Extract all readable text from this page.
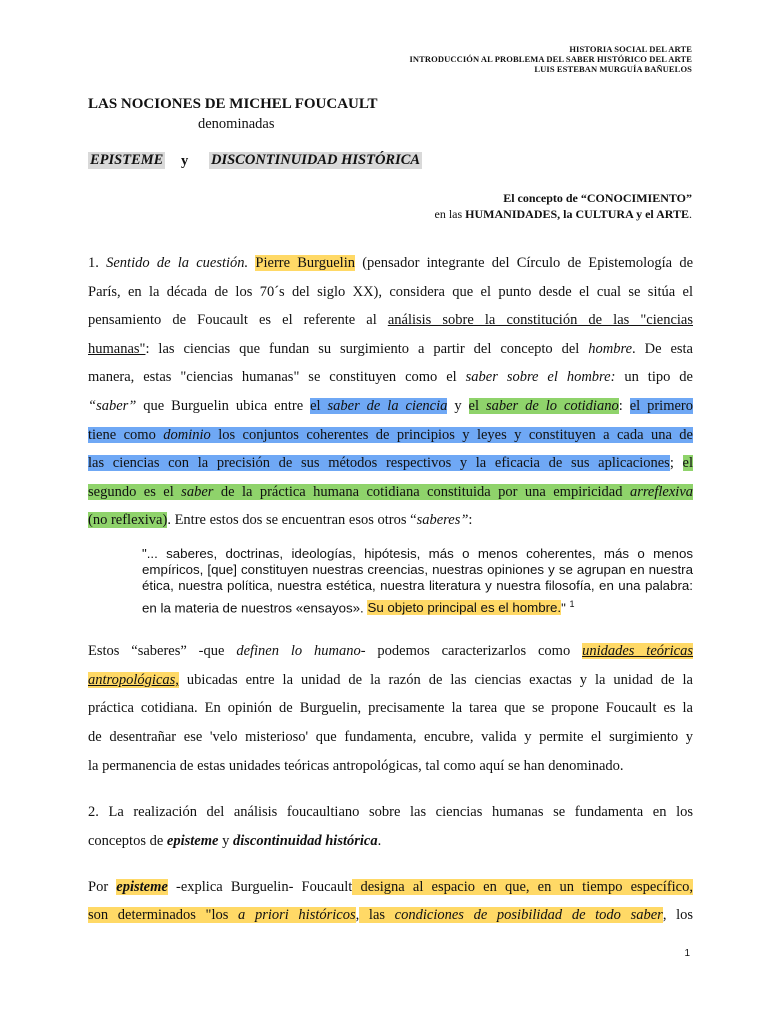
HISTORIA SOCIAL DEL ARTE
INTRODUCCIÓN AL PROBLEMA DEL SABER HISTÓRICO DEL ARTE
LUIS ESTEBAN MURGUÍA BAÑUELOS
LAS NOCIONES DE MICHEL FOUCAULT
denominadas
EPISTEME y DISCONTINUIDAD HISTÓRICA
El concepto de “CONOCIMIENTO”
en las HUMANIDADES, la CULTURA y el ARTE.
1. Sentido de la cuestión. Pierre Burguelin (pensador integrante del Círculo de Epistemología de
París, en la década de los 70´s del siglo XX), considera que el punto desde el cual se sitúa el
pensamiento de Foucault es el referente al análisis sobre la constitución de las "ciencias
humanas": las ciencias que fundan su surgimiento a partir del concepto del hombre. De esta
manera, estas "ciencias humanas" se constituyen como el saber sobre el hombre: un tipo de
“saber” que Burguelin ubica entre el saber de la ciencia y el saber de lo cotidiano: el primero
tiene como dominio los conjuntos coherentes de principios y leyes y constituyen a cada una de
las ciencias con la precisión de sus métodos respectivos y la eficacia de sus aplicaciones; el
segundo es el saber de la práctica humana cotidiana constituida por una empiricidad arreflexiva
(no reflexiva). Entre estos dos se encuentran esos otros “saberes”:
"... saberes, doctrinas, ideologías, hipótesis, más o menos coherentes, más o menos
empíricos, [que] constituyen nuestras creencias, nuestras opiniones y se agrupan en nuestra
ética, nuestra política, nuestra estética, nuestra literatura y nuestra filosofía, en una palabra:
en la materia de nuestros «ensayos». Su objeto principal es el hombre." $^1$
Estos “saberes” -que definen lo humano- podemos caracterizarlos como unidades teóricas
antropológicas, ubicadas entre la unidad de la razón de las ciencias exactas y la unidad de la
práctica cotidiana. En opinión de Burguelin, precisamente la tarea que se propone Foucault es la
de desentrañar ese 'velo misterioso' que fundamenta, encubre, valida y permite el surgimiento y
la permanencia de estas unidades teóricas antropológicas, tal como aquí se han denominado.
2. La realización del análisis foucaultiano sobre las ciencias humanas se fundamenta en los
conceptos de episteme y discontinuidad histórica.
Por episteme -explica Burguelin- Foucault designa al espacio en que, en un tiempo específico,
son determinados "los a priori históricos, las condiciones de posibilidad de todo saber, los
1
